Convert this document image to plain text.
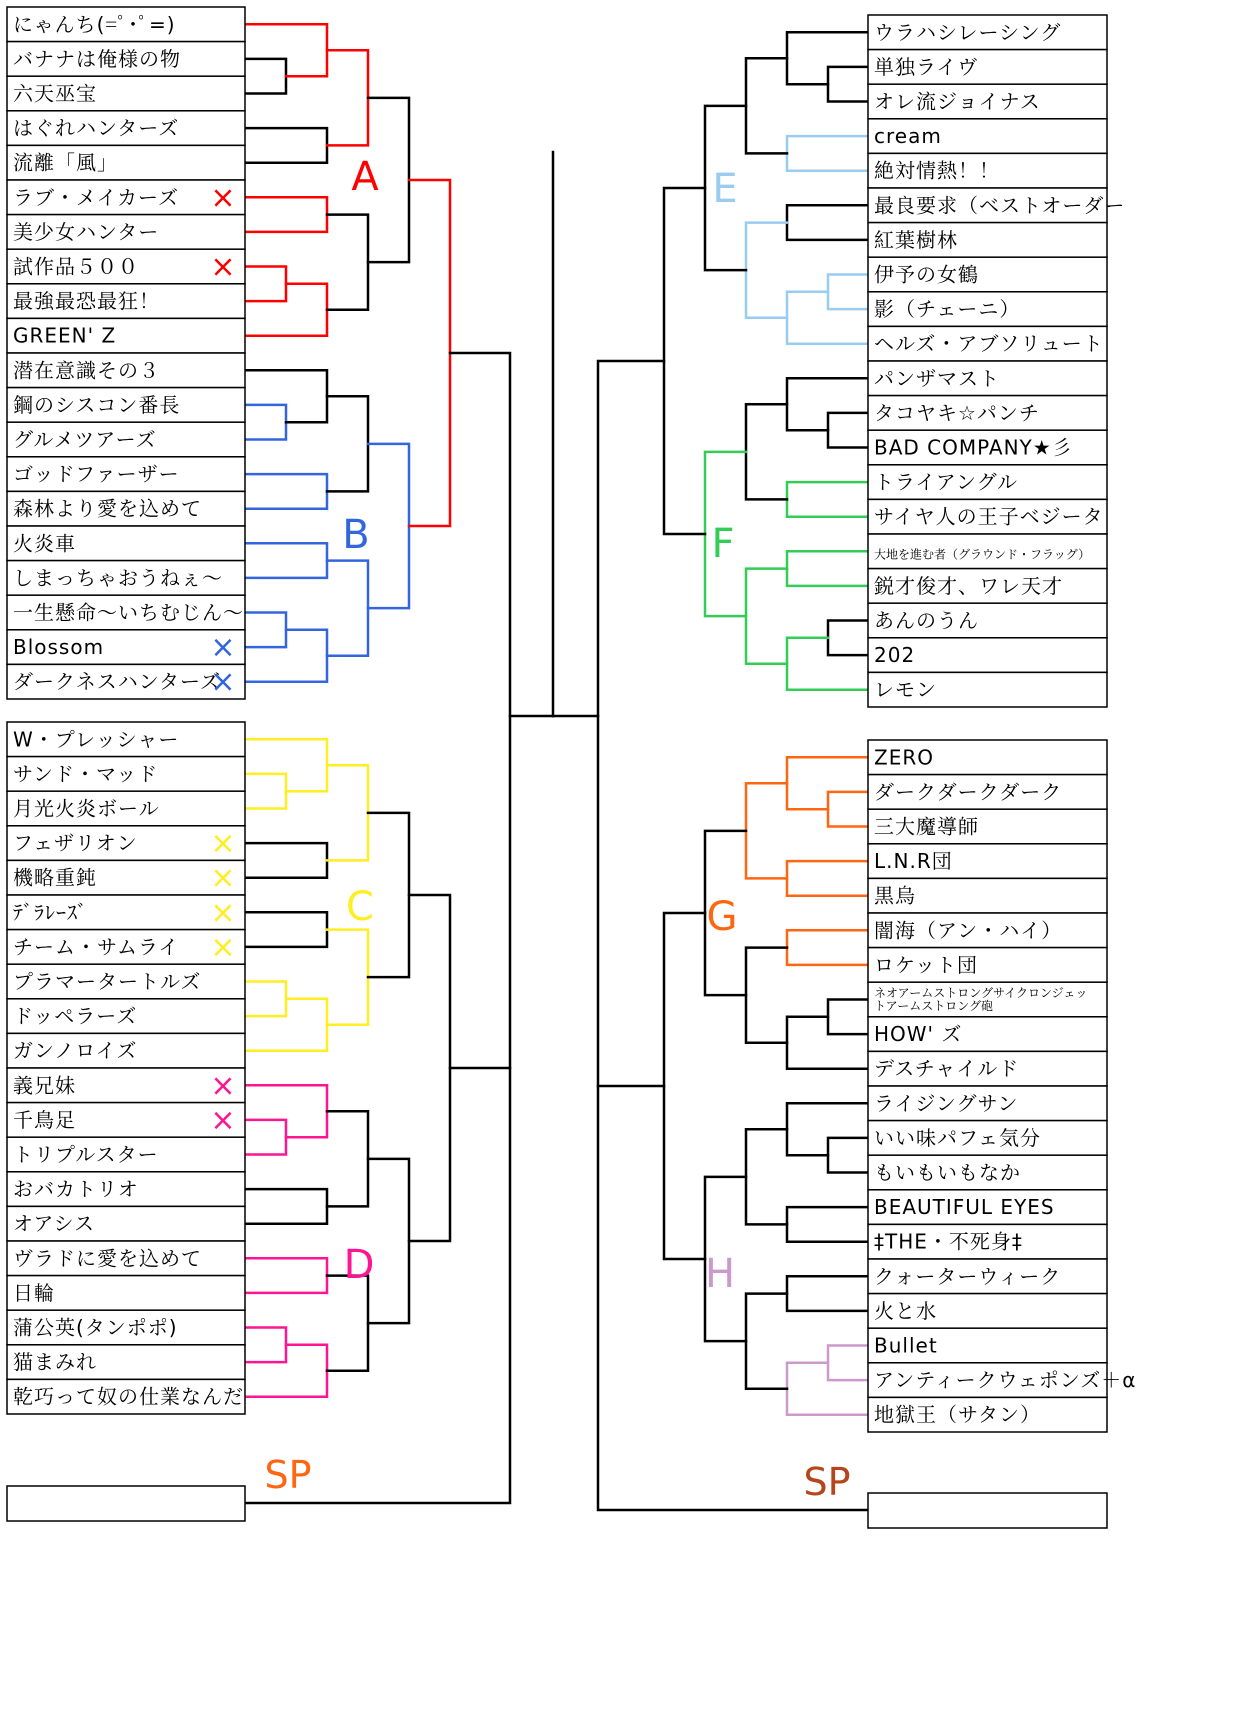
にゃんち(=ﾟ･ﾟ=)
バナナは俺様の物
六天巫宝
はぐれハンターズ
流離「風」
ラブ・メイカーズ
美少女ハンター
試作品５００
最強最恐最狂！
GREEN' Z
潜在意識その３
鋼のシスコン番長
グルメツアーズ
ゴッドファーザー
森林より愛を込めて
火炎車
しまっちゃおうねぇ～
一生懸命～いちむじん～
Blossom
ダークネスハンターズ
W・プレッシャー
サンド・マッド
月光火炎ボール
フェザリオン
機略重鈍
ﾃﾞﾗﾚｰｽﾞ
チーム・サムライ
プラマータートルズ
ドッペラーズ
ガンノロイズ
義兄妹
千鳥足
トリプルスター
おバカトリオ
オアシス
ヴラドに愛を込めて
日輪
蒲公英(タンポポ)
猫まみれ
乾巧って奴の仕業なんだ
ウラハシレーシング
単独ライヴ
オレ流ジョイナス
cream
絶対情熱！！
最良要求（ベストオーダー
紅葉樹林
伊予の女鶴
影（チェーニ）
ヘルズ・アブソリュート
パンザマスト
タコヤキ☆パンチ
BAD COMPANY★彡
トライアングル
サイヤ人の王子ベジータ
大地を進む者（グラウンド・フラッグ）
鋭才俊才、ワレ天才
あんのうん
202
レモン
ZERO
ダークダークダーク
三大魔導師
L.N.R団
黒烏
闇海（アン・ハイ）
ロケット団
ネオアームストロングサイクロンジェッ
トアームストロング砲
HOW' ズ
デスチャイルド
ライジングサン
いい味パフェ気分
もいもいもなか
BEAUTIFUL EYES
‡THE・不死身‡
クォーターウィーク
火と水
Bullet
アンティークウェポンズ＋α
地獄王（サタン）
×
×
×
×
×
×
×
×
×
×
A
B
C
D
E
F
G
H
SP	SP
